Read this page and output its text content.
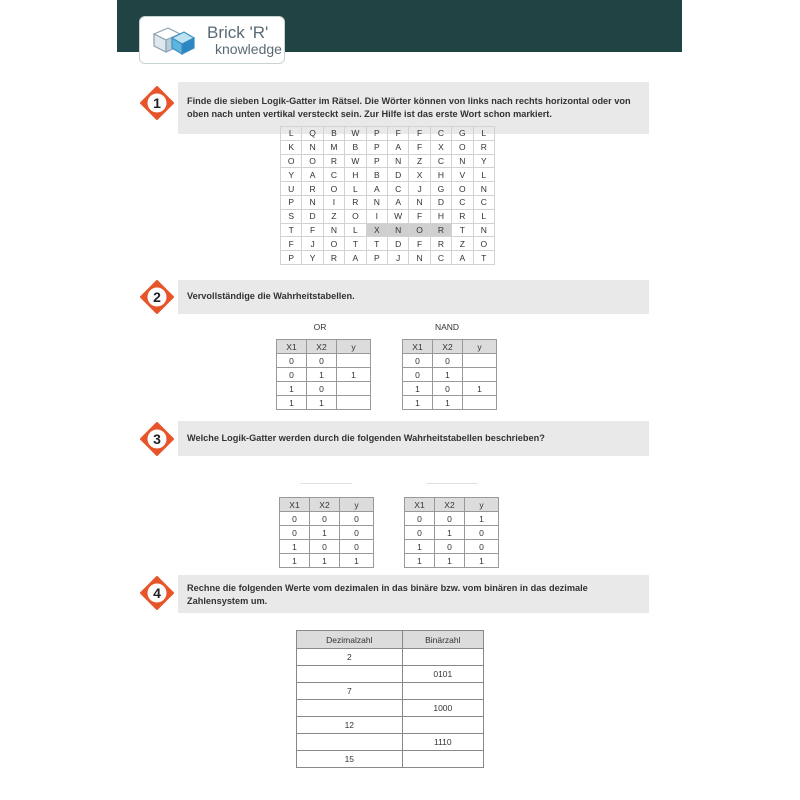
Brick 'R'
knowledge
Finde die sieben Logik-Gatter im Rätsel. Die Wörter können von links nach rechts horizontal oder von oben nach unten vertikal versteckt sein. Zur Hilfe ist das erste Wort schon markiert.
1
L	Q	B	W	P	F	F	C	G	L
K	N	M	B	P	A	F	X	O	R
O	O	R	W	P	N	Z	C	N	Y
Y	A	C	H	B	D	X	H	V	L
U	R	O	L	A	C	J	G	O	N
P	N	I	R	N	A	N	D	C	C
S	D	Z	O	I	W	F	H	R	L
T	F	N	L	X	N	O	R	T	N
F	J	O	T	T	D	F	R	Z	O
P	Y	R	A	P	J	N	C	A	T
Vervollständige die Wahrheitstabellen.
2
OR	NAND
X1	X2	y
0	0	
0	1	1
1	0	
1	1	
X1	X2	y
0	0	
0	1	
1	0	1
1	1	
Welche Logik-Gatter werden durch die folgenden Wahrheitstabellen beschrieben?
3
X1	X2	y
0	0	0
0	1	0
1	0	0
1	1	1
X1	X2	y
0	0	1
0	1	0
1	0	0
1	1	1
Rechne die folgenden Werte vom dezimalen in das binäre bzw. vom binären in das dezimale Zahlensystem um.
4
Dezimalzahl	Binärzahl
2	
	0101
7	
	1000
12	
	1110
15	
